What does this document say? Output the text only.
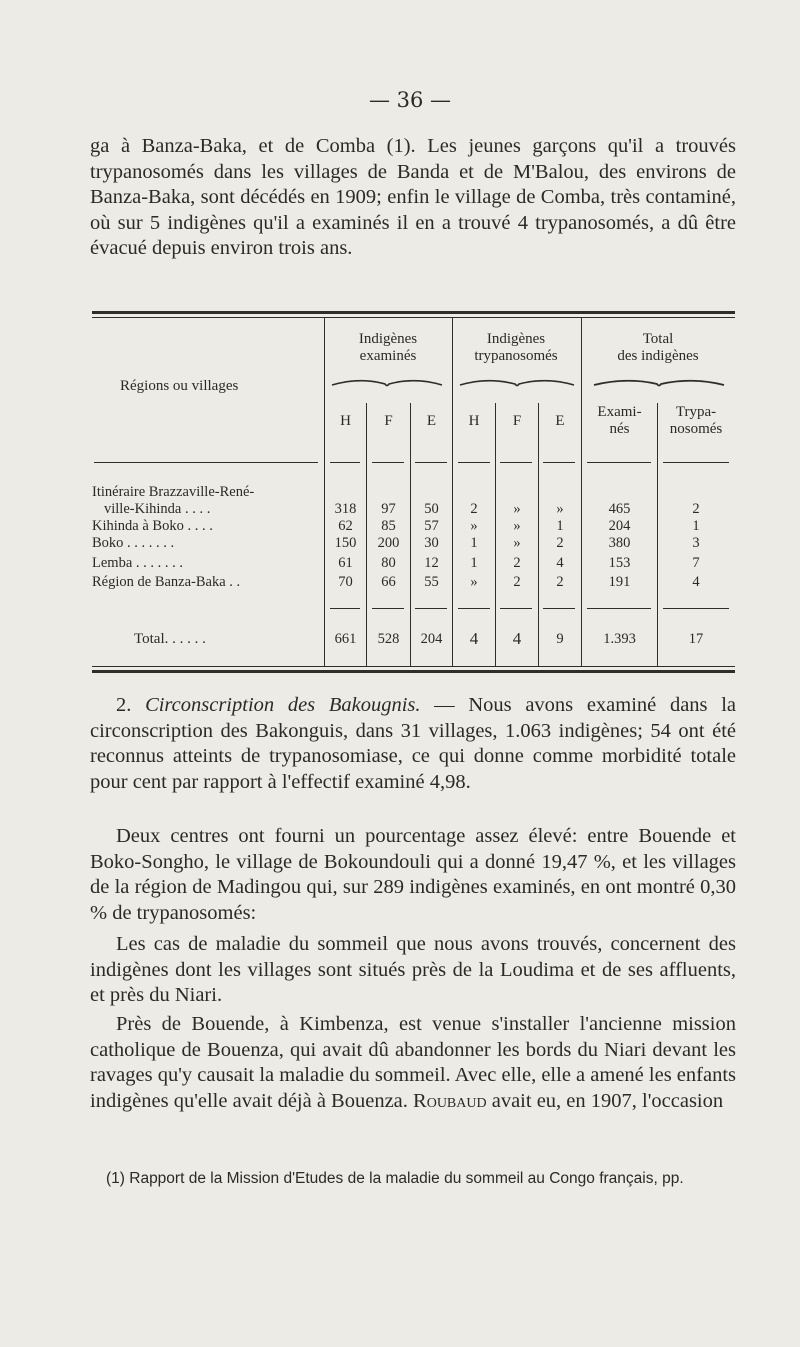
— 36 —

ga à Banza-Baka, et de Comba (1). Les jeunes garçons qu'il a trouvés trypanosomés dans les villages de Banda et de M'Balou, des environs de Banza-Baka, sont décédés en 1909; enfin le village de Comba, très contaminé, où sur 5 indigènes qu'il a examinés il en a trouvé 4 trypanosomés, a dû être évacué depuis environ trois ans.

Indigènes
examinés
Indigènes
trypanosomés
Total
des indigènes
Régions ou villages
H	F	E	H	F	E
Exami-
nés
Trypa-
nosomés
Itinéraire Brazzaville-René-
ville-Kihinda . . . .	318	97	50	2	»	»	465	2
Kihinda à Boko . . . .	62	85	57	»	»	1	204	1
Boko . . . . . . .	150	200	30	1	»	2	380	3
Lemba . . . . . . .	61	80	12	1	2	4	153	7
Région de Banza-Baka . .	70	66	55	»	2	2	191	4
Total. . . . . .	661	528	204	4	4	9	1.393	17

2. Circonscription des Bakougnis. — Nous avons examiné dans la circonscription des Bakonguis, dans 31 villages, 1.063 indigènes; 54 ont été reconnus atteints de trypanosomiase, ce qui donne comme morbidité totale pour cent par rapport à l'effectif examiné 4,98.

Deux centres ont fourni un pourcentage assez élevé: entre Bouende et Boko-Songho, le village de Bokoundouli qui a donné 19,47 %, et les villages de la région de Madingou qui, sur 289 indigènes examinés, en ont montré 0,30 % de trypanosomés:

Les cas de maladie du sommeil que nous avons trouvés, concernent des indigènes dont les villages sont situés près de la Loudima et de ses affluents, et près du Niari.

Près de Bouende, à Kimbenza, est venue s'installer l'ancienne mission catholique de Bouenza, qui avait dû abandonner les bords du Niari devant les ravages qu'y causait la maladie du sommeil. Avec elle, elle a amené les enfants indigènes qu'elle avait déjà à Bouenza. Roubaud avait eu, en 1907, l'occasion

(1) Rapport de la Mission d'Etudes de la maladie du sommeil au Congo français, pp.
